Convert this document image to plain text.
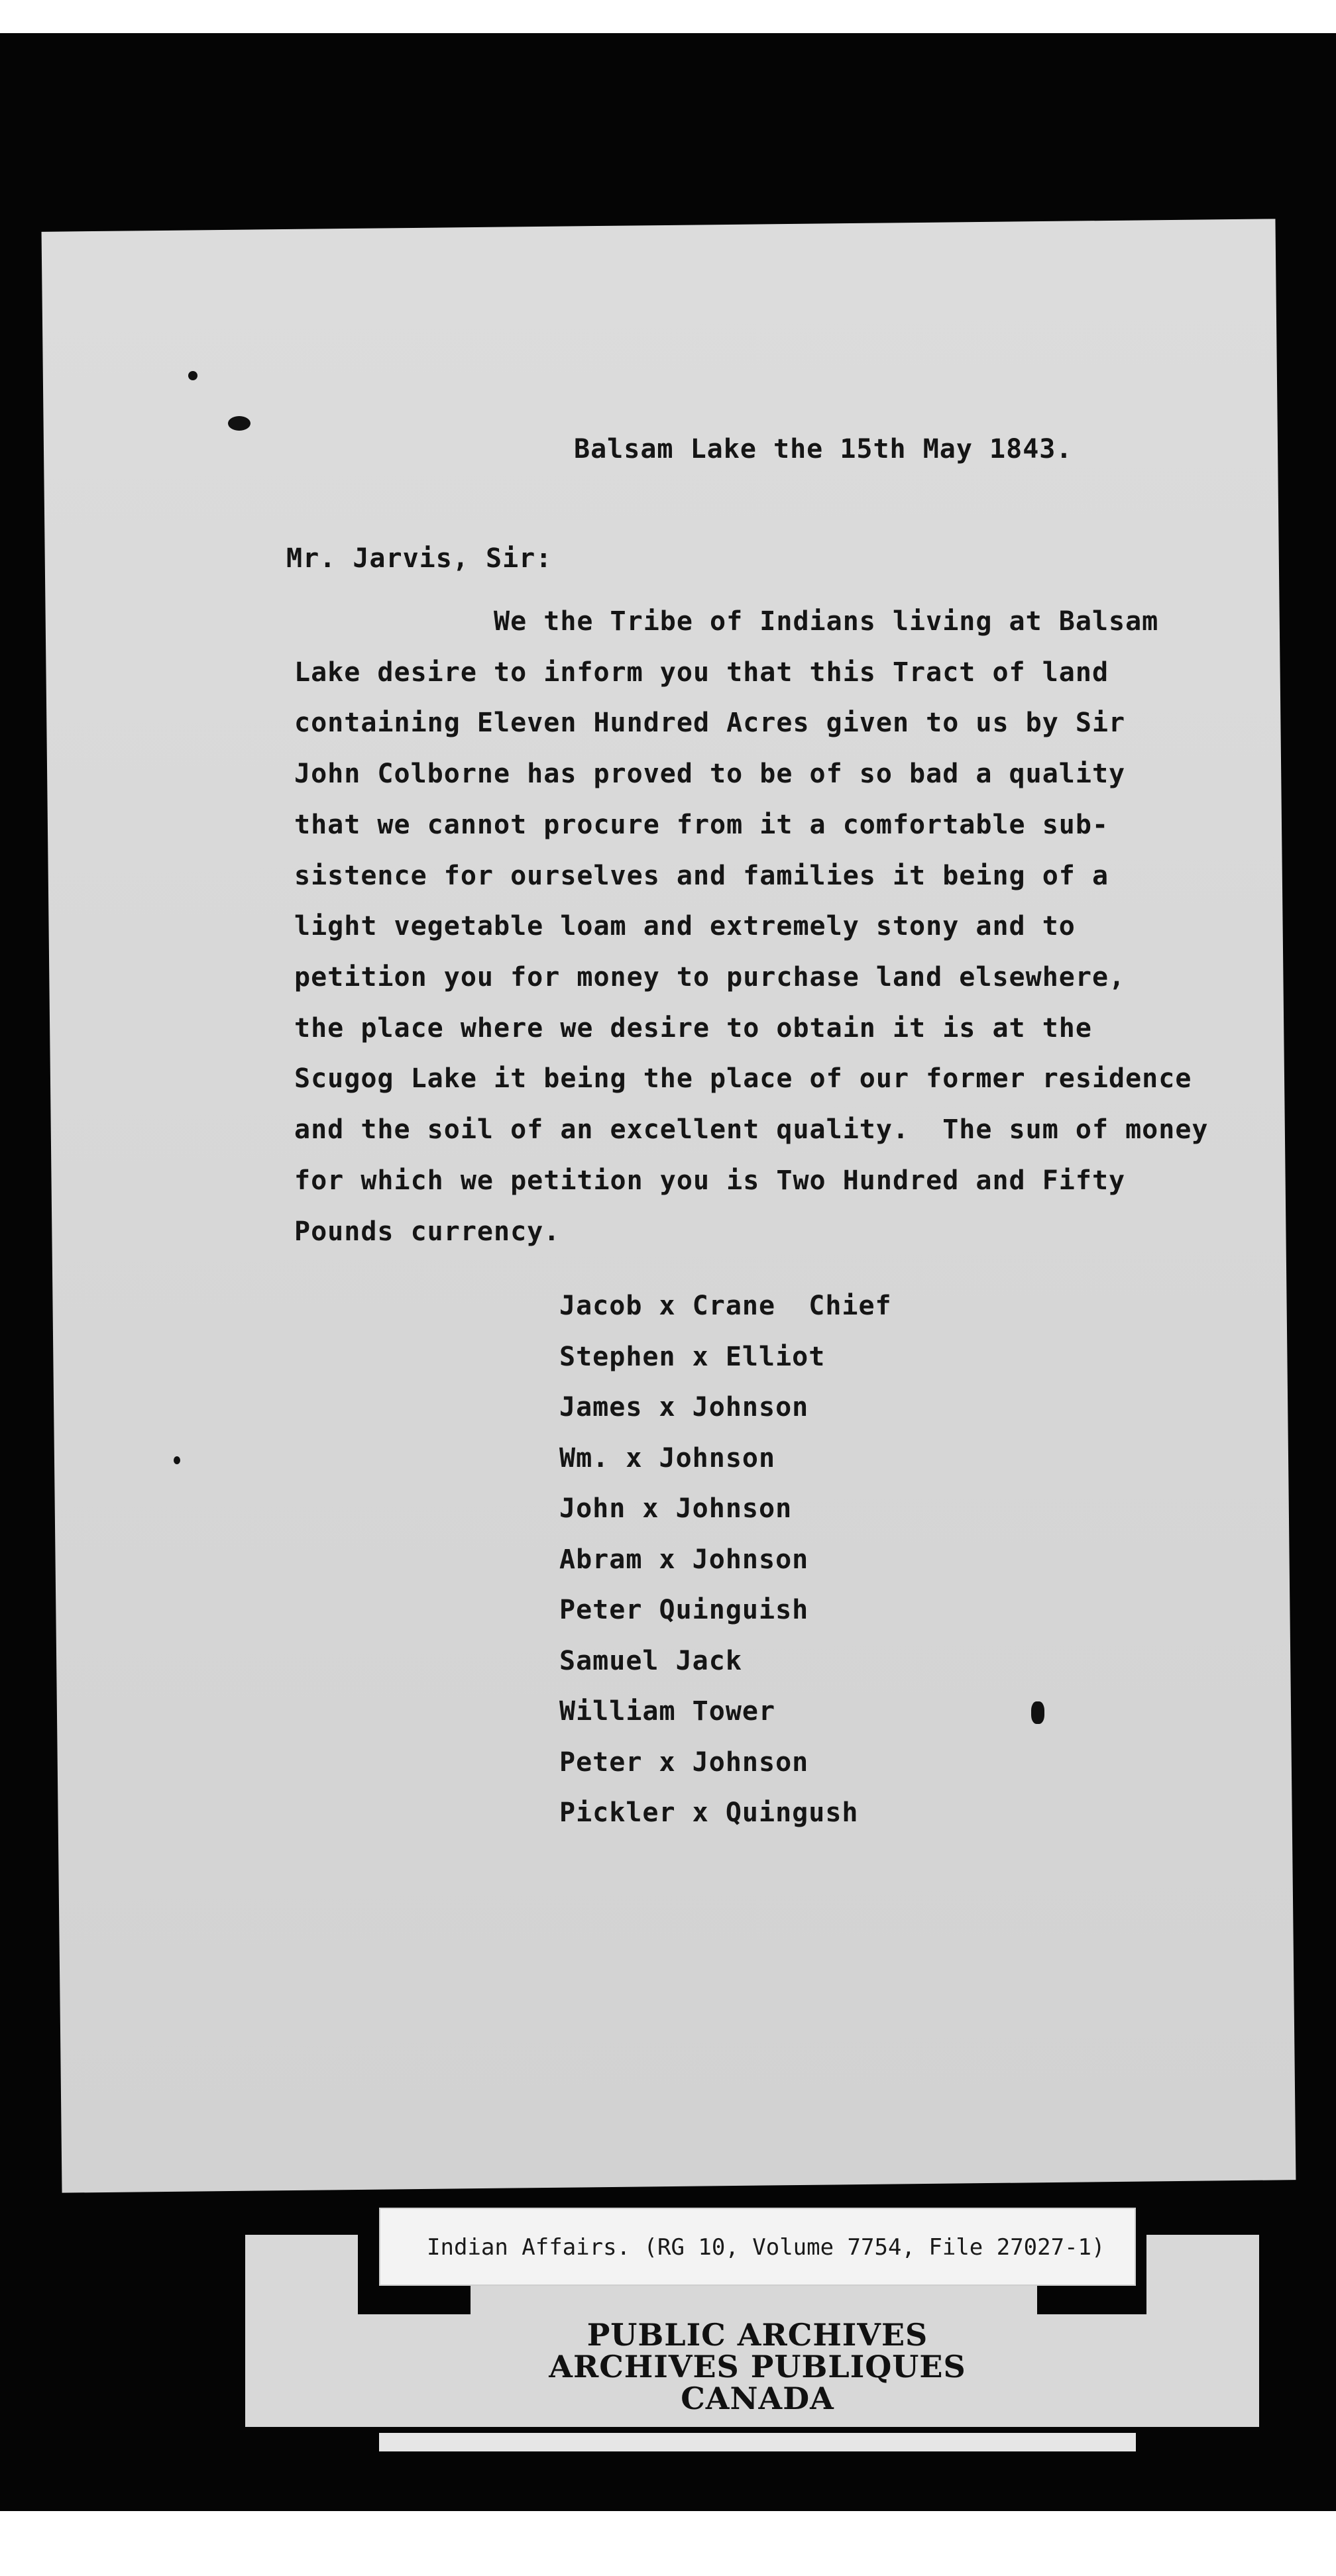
Balsam Lake the 15th May 1843.
Mr. Jarvis, Sir:
We the Tribe of Indians living at Balsam
Lake desire to inform you that this Tract of land
containing Eleven Hundred Acres given to us by Sir
John Colborne has proved to be of so bad a quality
that we cannot procure from it a comfortable sub-
sistence for ourselves and families it being of a
light vegetable loam and extremely stony and to
petition you for money to purchase land elsewhere,
the place where we desire to obtain it is at the
Scugog Lake it being the place of our former residence
and the soil of an excellent quality.  The sum of money
for which we petition you is Two Hundred and Fifty
Pounds currency.
Jacob x Crane  Chief
Stephen x Elliot
James x Johnson
Wm. x Johnson
John x Johnson
Abram x Johnson
Peter Quinguish
Samuel Jack
William Tower
Peter x Johnson
Pickler x Quingush
Indian Affairs. (RG 10, Volume 7754, File 27027-1)
PUBLIC ARCHIVES
ARCHIVES PUBLIQUES
CANADA
